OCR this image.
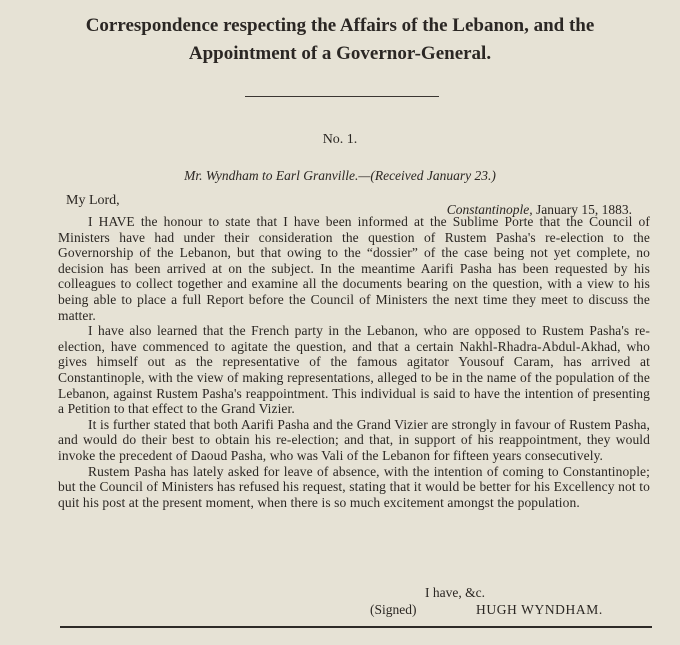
Correspondence respecting the Affairs of the Lebanon, and the Appointment of a Governor-General.
No. 1.
Mr. Wyndham to Earl Granville.—(Received January 23.)
My Lord,
Constantinople, January 15, 1883.

I HAVE the honour to state that I have been informed at the Sublime Porte that the Council of Ministers have had under their consideration the question of Rustem Pasha's re-election to the Governorship of the Lebanon, but that owing to the “dossier” of the case being not yet complete, no decision has been arrived at on the subject. In the meantime Aarifi Pasha has been requested by his colleagues to collect together and examine all the documents bearing on the question, with a view to his being able to place a full Report before the Council of Ministers the next time they meet to discuss the matter.

I have also learned that the French party in the Lebanon, who are opposed to Rustem Pasha's re-election, have commenced to agitate the question, and that a certain Nakhl-Rhadra-Abdul-Akhad, who gives himself out as the representative of the famous agitator Yousouf Caram, has arrived at Constantinople, with the view of making representations, alleged to be in the name of the population of the Lebanon, against Rustem Pasha's reappointment. This individual is said to have the intention of presenting a Petition to that effect to the Grand Vizier.

It is further stated that both Aarifi Pasha and the Grand Vizier are strongly in favour of Rustem Pasha, and would do their best to obtain his re-election; and that, in support of his reappointment, they would invoke the precedent of Daoud Pasha, who was Vali of the Lebanon for fifteen years consecutively.

Rustem Pasha has lately asked for leave of absence, with the intention of coming to Constantinople; but the Council of Ministers has refused his request, stating that it would be better for his Excellency not to quit his post at the present moment, when there is so much excitement amongst the population.

I have, &c.
(Signed)	HUGH WYNDHAM.
